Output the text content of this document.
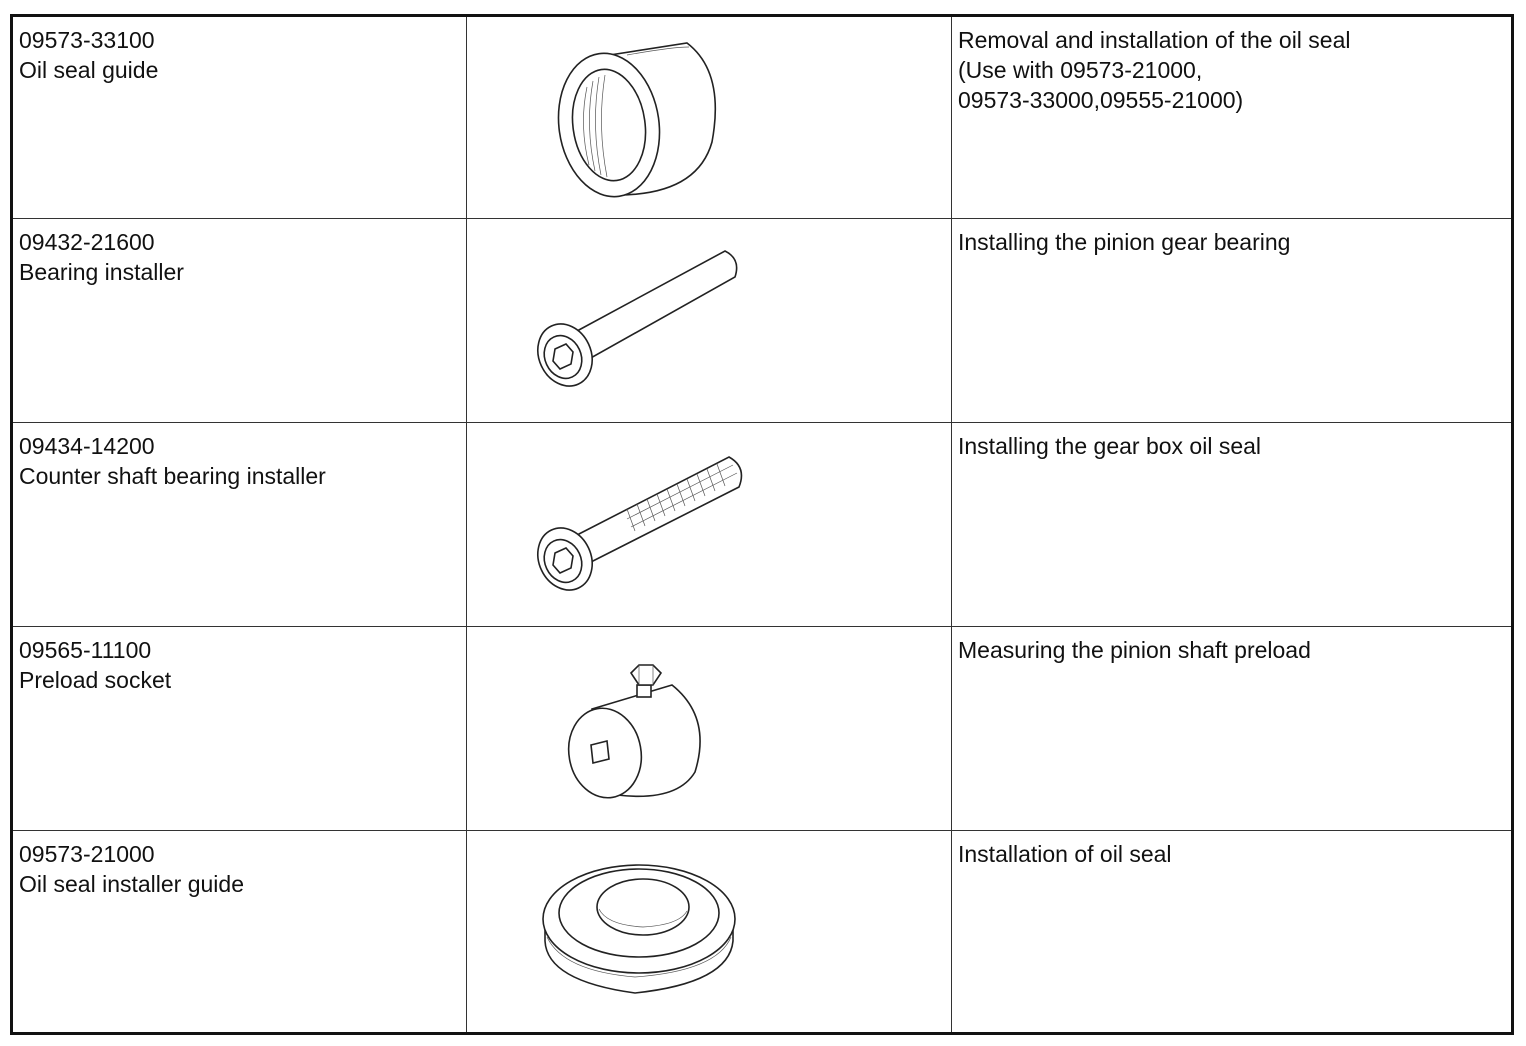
09573-33100
Oil seal guide		Removal and installation of the oil seal
(Use with 09573-21000,
09573-33000,09555-21000)

09432-21600
Bearing installer		Installing the pinion gear bearing

09434-14200
Counter shaft bearing installer		Installing the gear box oil seal

09565-11100
Preload socket		Measuring the pinion shaft preload

09573-21000
Oil seal installer guide		Installation of oil seal
